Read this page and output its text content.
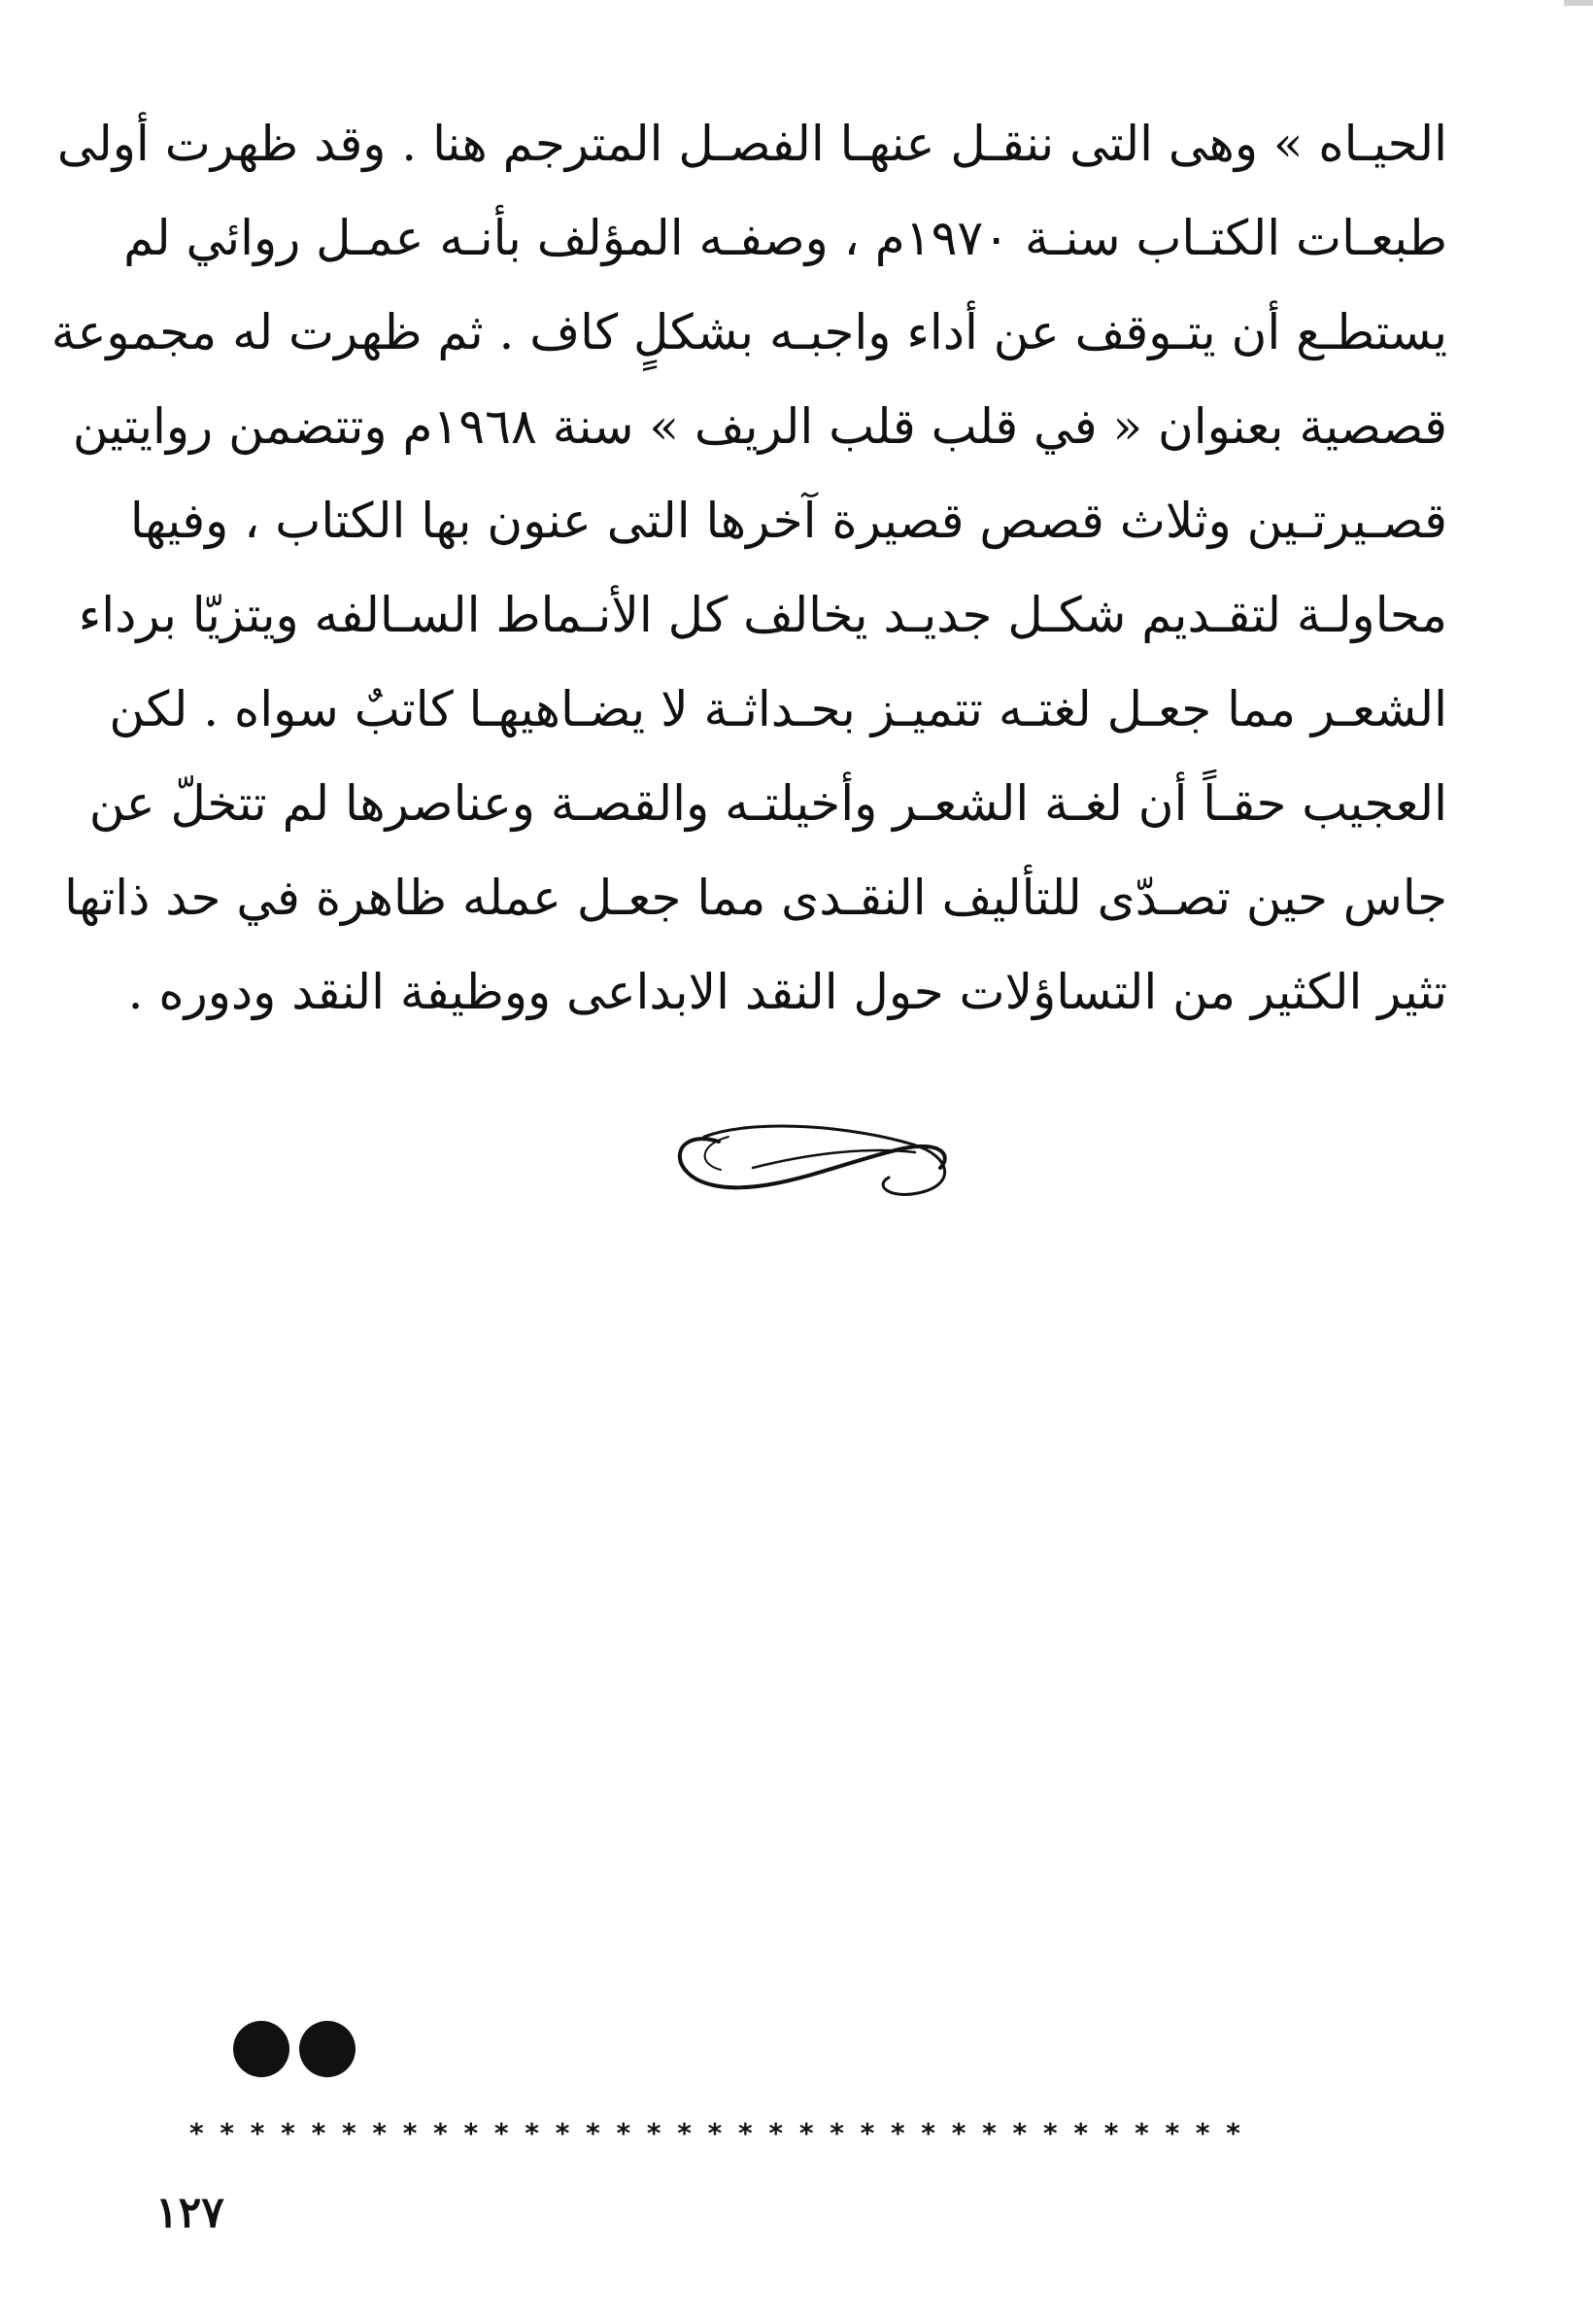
الحيـاه » وهى التى ننقـل عنهـا الفصـل المترجم هنا . وقد ظهرت أولى
طبعـات الكتـاب سنـة ١٩٧٠م ، وصفـه المؤلف بأنـه عمـل روائي لم
يستطـع أن يتـوقف عن أداء واجبـه بشكلٍ كاف . ثم ظهرت له مجموعة
قصصية بعنوان « في قلب قلب الريف » سنة ١٩٦٨م وتتضمن روايتين
قصـيرتـين وثلاث قصص قصيرة آخرها التى عنون بها الكتاب ، وفيها
محاولـة لتقـديم شكـل جديـد يخالف كل الأنـماط السـالفه ويتزيّا برداء
الشعـر مما جعـل لغتـه تتميـز بحـداثـة لا يضـاهيهـا كاتبٌ سواه . لكن
العجيب حقـاً أن لغـة الشعـر وأخيلتـه والقصـة وعناصرها لم تتخلّ عن
جاس حين تصـدّى للتأليف النقـدى مما جعـل عمله ظاهرة في حد ذاتها
تثير الكثير من التساؤلات حول النقد الابداعى ووظيفة النقد ودوره .
* * * * * * * * * * * * * * * * * * * * * * * * * * * * * * * * * * *
١٢٧
